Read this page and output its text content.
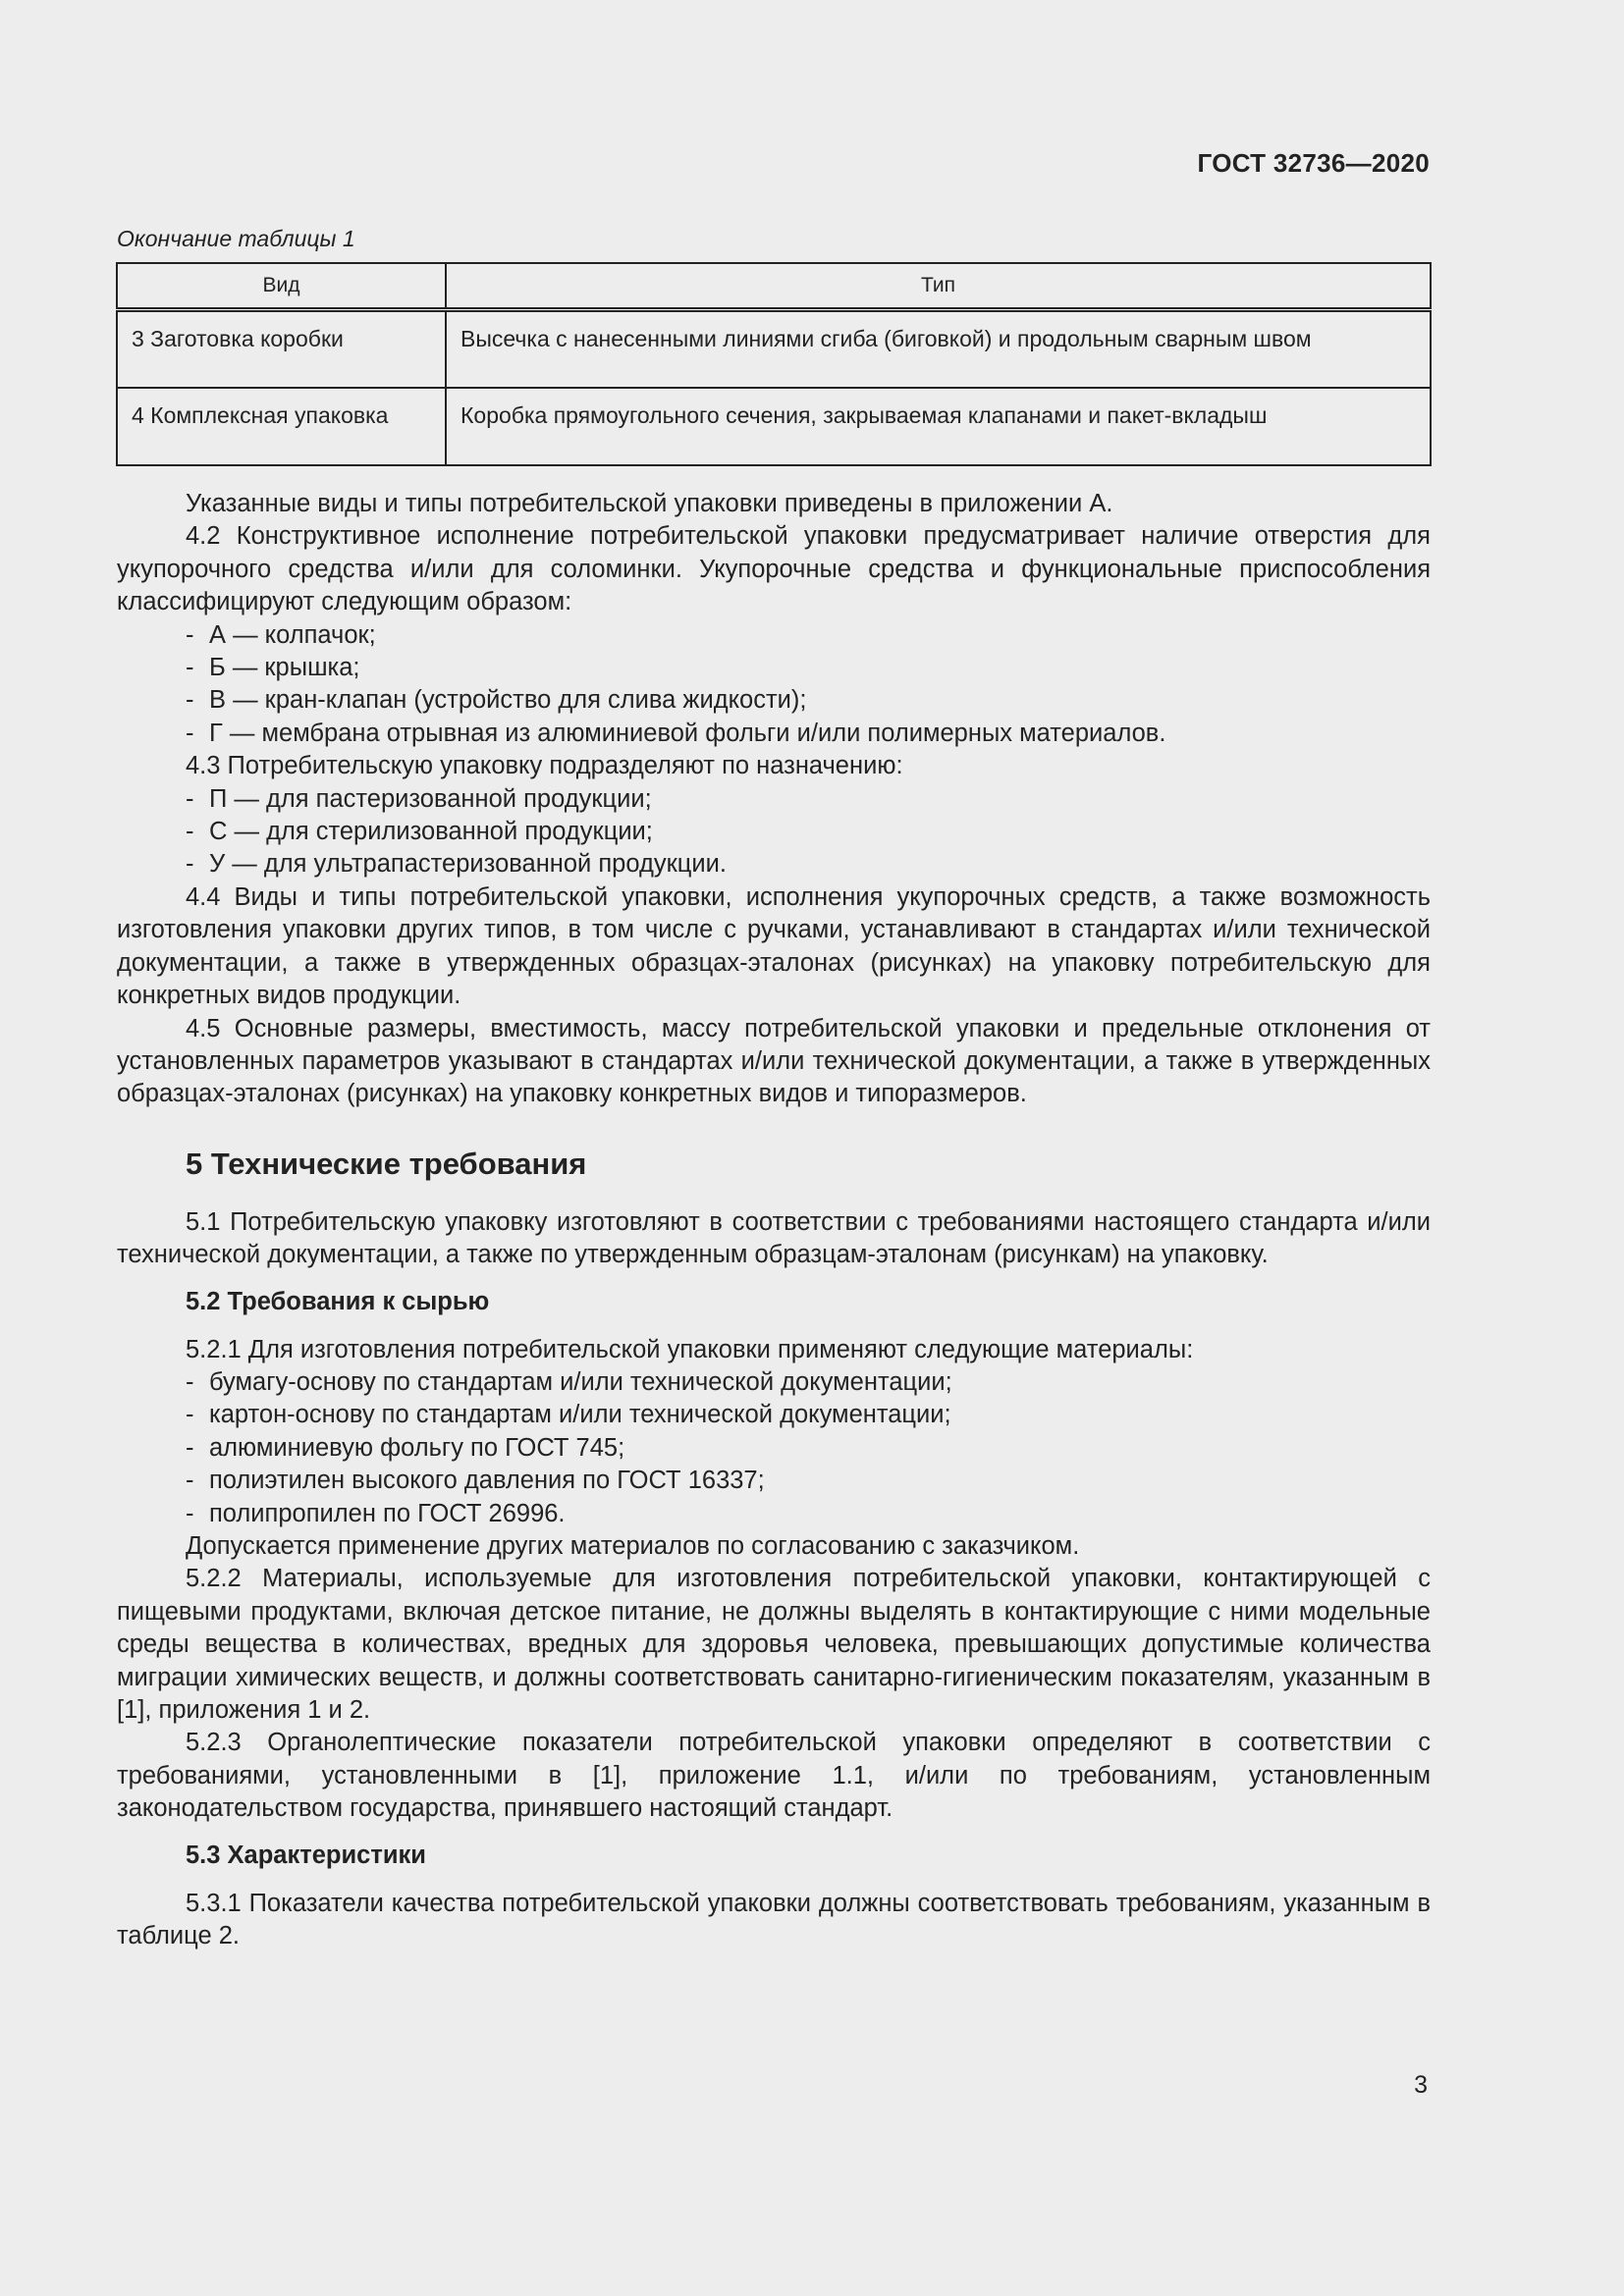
ГОСТ 32736—2020
Окончание таблицы 1
Вид	Тип
3 Заготовка коробки	Высечка с нанесенными линиями сгиба (биговкой) и продольным сварным швом
4 Комплексная упаковка	Коробка прямоугольного сечения, закрываемая клапанами и пакет-вкладыш

Указанные виды и типы потребительской упаковки приведены в приложении А.

4.2 Конструктивное исполнение потребительской упаковки предусматривает наличие отверстия для укупорочного средства и/или для соломинки. Укупорочные средства и функциональные приспособления классифицируют следующим образом:

- А — колпачок;
- Б — крышка;
- В — кран-клапан (устройство для слива жидкости);
- Г — мембрана отрывная из алюминиевой фольги и/или полимерных материалов.

4.3 Потребительскую упаковку подразделяют по назначению:

- П — для пастеризованной продукции;
- С — для стерилизованной продукции;
- У — для ультрапастеризованной продукции.

4.4 Виды и типы потребительской упаковки, исполнения укупорочных средств, а также возможность изготовления упаковки других типов, в том числе с ручками, устанавливают в стандартах и/или технической документации, а также в утвержденных образцах-эталонах (рисунках) на упаковку потребительскую для конкретных видов продукции.

4.5 Основные размеры, вместимость, массу потребительской упаковки и предельные отклонения от установленных параметров указывают в стандартах и/или технической документации, а также в утвержденных образцах-эталонах (рисунках) на упаковку конкретных видов и типоразмеров.

5 Технические требования

5.1 Потребительскую упаковку изготовляют в соответствии с требованиями настоящего стандарта и/или технической документации, а также по утвержденным образцам-эталонам (рисункам) на упаковку.

5.2 Требования к сырью

5.2.1 Для изготовления потребительской упаковки применяют следующие материалы:

- бумагу-основу по стандартам и/или технической документации;
- картон-основу по стандартам и/или технической документации;
- алюминиевую фольгу по ГОСТ 745;
- полиэтилен высокого давления по ГОСТ 16337;
- полипропилен по ГОСТ 26996.

Допускается применение других материалов по согласованию с заказчиком.

5.2.2 Материалы, используемые для изготовления потребительской упаковки, контактирующей с пищевыми продуктами, включая детское питание, не должны выделять в контактирующие с ними модельные среды вещества в количествах, вредных для здоровья человека, превышающих допустимые количества миграции химических веществ, и должны соответствовать санитарно-гигиеническим показателям, указанным в [1], приложения 1 и 2.

5.2.3 Органолептические показатели потребительской упаковки определяют в соответствии с требованиями, установленными в [1], приложение 1.1, и/или по требованиям, установленным законодательством государства, принявшего настоящий стандарт.

5.3 Характеристики

5.3.1 Показатели качества потребительской упаковки должны соответствовать требованиям, указанным в таблице 2.

3
